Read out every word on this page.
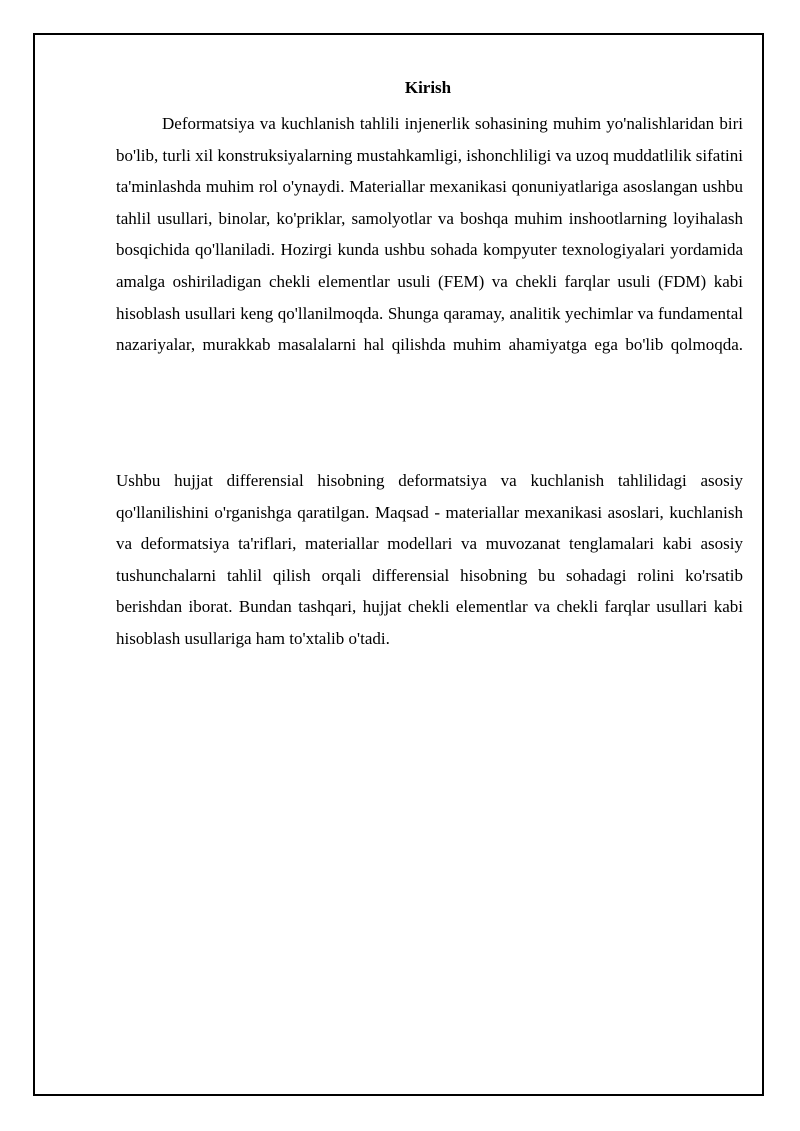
Kirish

Deformatsiya va kuchlanish tahlili injenerlik sohasining muhim yo'nalishlaridan biri bo'lib, turli xil konstruksiyalarning mustahkamligi, ishonchliligi va uzoq muddatlilik sifatini ta'minlashda muhim rol o'ynaydi. Materiallar mexanikasi qonuniyatlariga asoslangan ushbu tahlil usullari, binolar, ko'priklar, samolyotlar va boshqa muhim inshootlarning loyihalash bosqichida qo'llaniladi. Hozirgi kunda ushbu sohada kompyuter texnologiyalari yordamida amalga oshiriladigan chekli elementlar usuli (FEM) va chekli farqlar usuli (FDM) kabi hisoblash usullari keng qo'llanilmoqda. Shunga qaramay, analitik yechimlar va fundamental nazariyalar, murakkab masalalarni hal qilishda muhim ahamiyatga ega bo'lib qolmoqda.

Ushbu hujjat differensial hisobning deformatsiya va kuchlanish tahlilidagi asosiy qo'llanilishini o'rganishga qaratilgan. Maqsad - materiallar mexanikasi asoslari, kuchlanish va deformatsiya ta'riflari, materiallar modellari va muvozanat tenglamalari kabi asosiy tushunchalarni tahlil qilish orqali differensial hisobning bu sohadagi rolini ko'rsatib berishdan iborat. Bundan tashqari, hujjat chekli elementlar va chekli farqlar usullari kabi hisoblash usullariga ham to'xtalib o'tadi.
